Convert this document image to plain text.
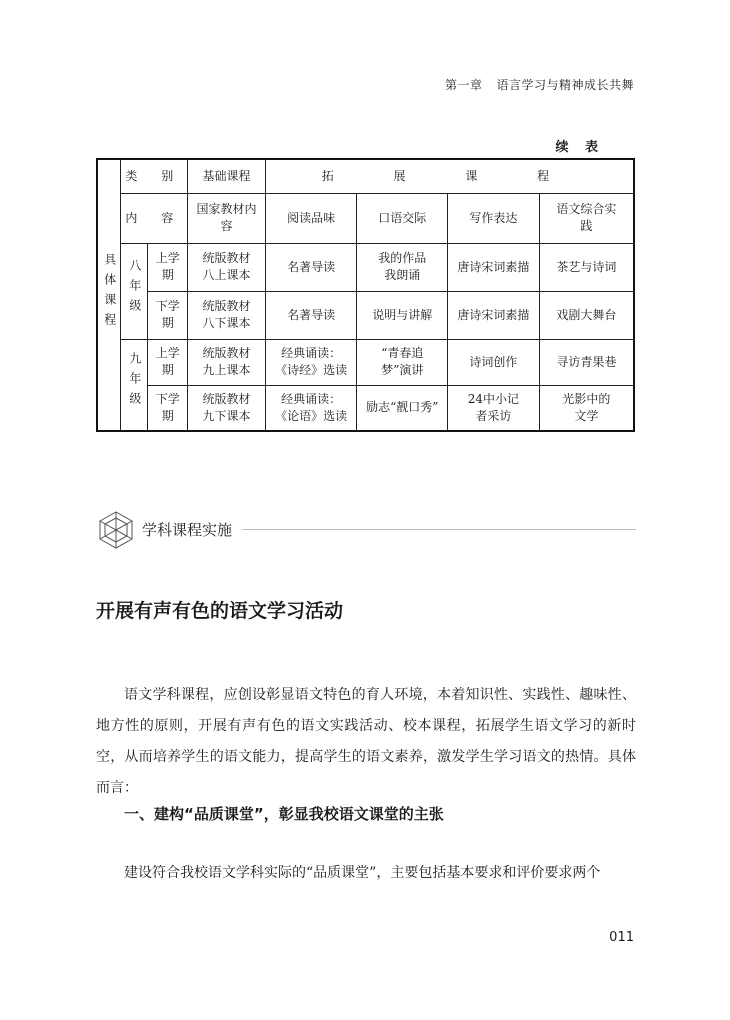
第一章 语言学习与精神成长共舞
续 表
具体课程	类 别		基础课程	拓 展 课 程			
	内 容		国家教材内容	阅读品味	口语交际	写作表达	语文综合实践
	八年级	上学期	统版教材八上课本	名著导读	我的作品我朗诵	唐诗宋词素描	茶艺与诗词
		下学期	统版教材八下课本	名著导读	说明与讲解	唐诗宋词素描	戏剧大舞台
	九年级	上学期	统版教材九上课本	经典诵读：《诗经》选读	“青春追梦”演讲	诗词创作	寻访青果巷
		下学期	统版教材九下课本	经典诵读：《论语》选读	励志“靓口秀”	24中小记者采访	光影中的文学
学科课程实施
开展有声有色的语文学习活动

语文学科课程，应创设彰显语文特色的育人环境，本着知识性、实践性、趣味性、地方性的原则，开展有声有色的语文实践活动、校本课程，拓展学生语文学习的新时空，从而培养学生的语文能力，提高学生的语文素养，激发学生学习语文的热情。具体而言：

一、建构“品质课堂”，彰显我校语文课堂的主张

建设符合我校语文学科实际的“品质课堂”，主要包括基本要求和评价要求两个

011
